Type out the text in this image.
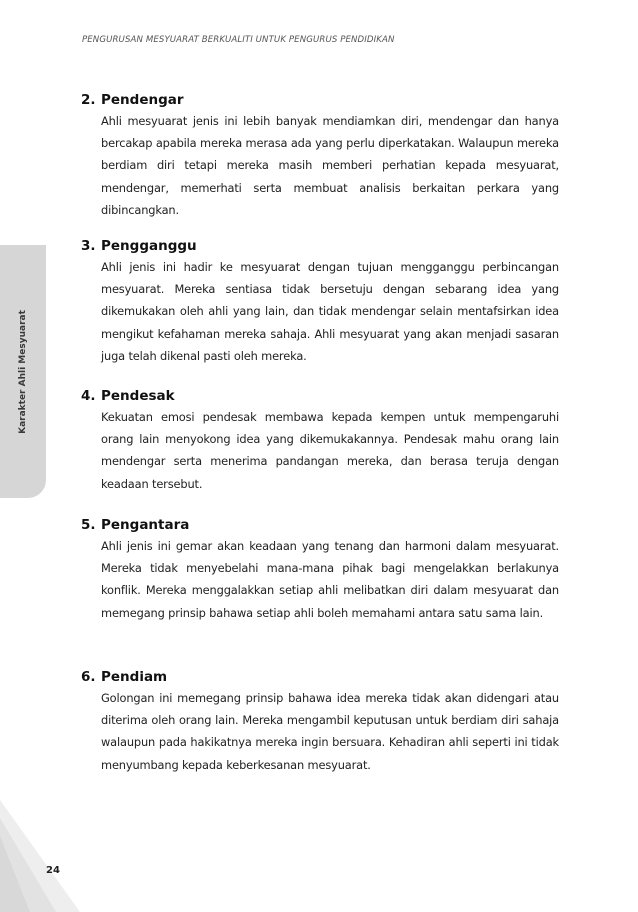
PENGURUSAN MESYUARAT BERKUALITI UNTUK PENGURUS PENDIDIKAN
Karakter Ahli Mesyuarat
2. Pendengar
Ahli mesyuarat jenis ini lebih banyak mendiamkan diri, mendengar dan hanya bercakap apabila mereka merasa ada yang perlu diperkatakan. Walaupun mereka berdiam diri tetapi mereka masih memberi perhatian kepada mesyuarat, mendengar, memerhati serta membuat analisis berkaitan perkara yang dibincangkan.
3. Pengganggu
Ahli jenis ini hadir ke mesyuarat dengan tujuan mengganggu perbincangan mesyuarat. Mereka sentiasa tidak bersetuju dengan sebarang idea yang dikemukakan oleh ahli yang lain, dan tidak mendengar selain mentafsirkan idea mengikut kefahaman mereka sahaja. Ahli mesyuarat yang akan menjadi sasaran juga telah dikenal pasti oleh mereka.
4. Pendesak
Kekuatan emosi pendesak membawa kepada kempen untuk mempengaruhi orang lain menyokong idea yang dikemukakannya. Pendesak mahu orang lain mendengar serta menerima pandangan mereka, dan berasa teruja dengan keadaan tersebut.
5. Pengantara
Ahli jenis ini gemar akan keadaan yang tenang dan harmoni dalam mesyuarat. Mereka tidak menyebelahi mana-mana pihak bagi mengelakkan berlakunya konflik. Mereka menggalakkan setiap ahli melibatkan diri dalam mesyuarat dan memegang prinsip bahawa setiap ahli boleh memahami antara satu sama lain.
6. Pendiam
Golongan ini memegang prinsip bahawa idea mereka tidak akan didengari atau diterima oleh orang lain. Mereka mengambil keputusan untuk berdiam diri sahaja walaupun pada hakikatnya mereka ingin bersuara. Kehadiran ahli seperti ini tidak menyumbang kepada keberkesanan mesyuarat.
24
